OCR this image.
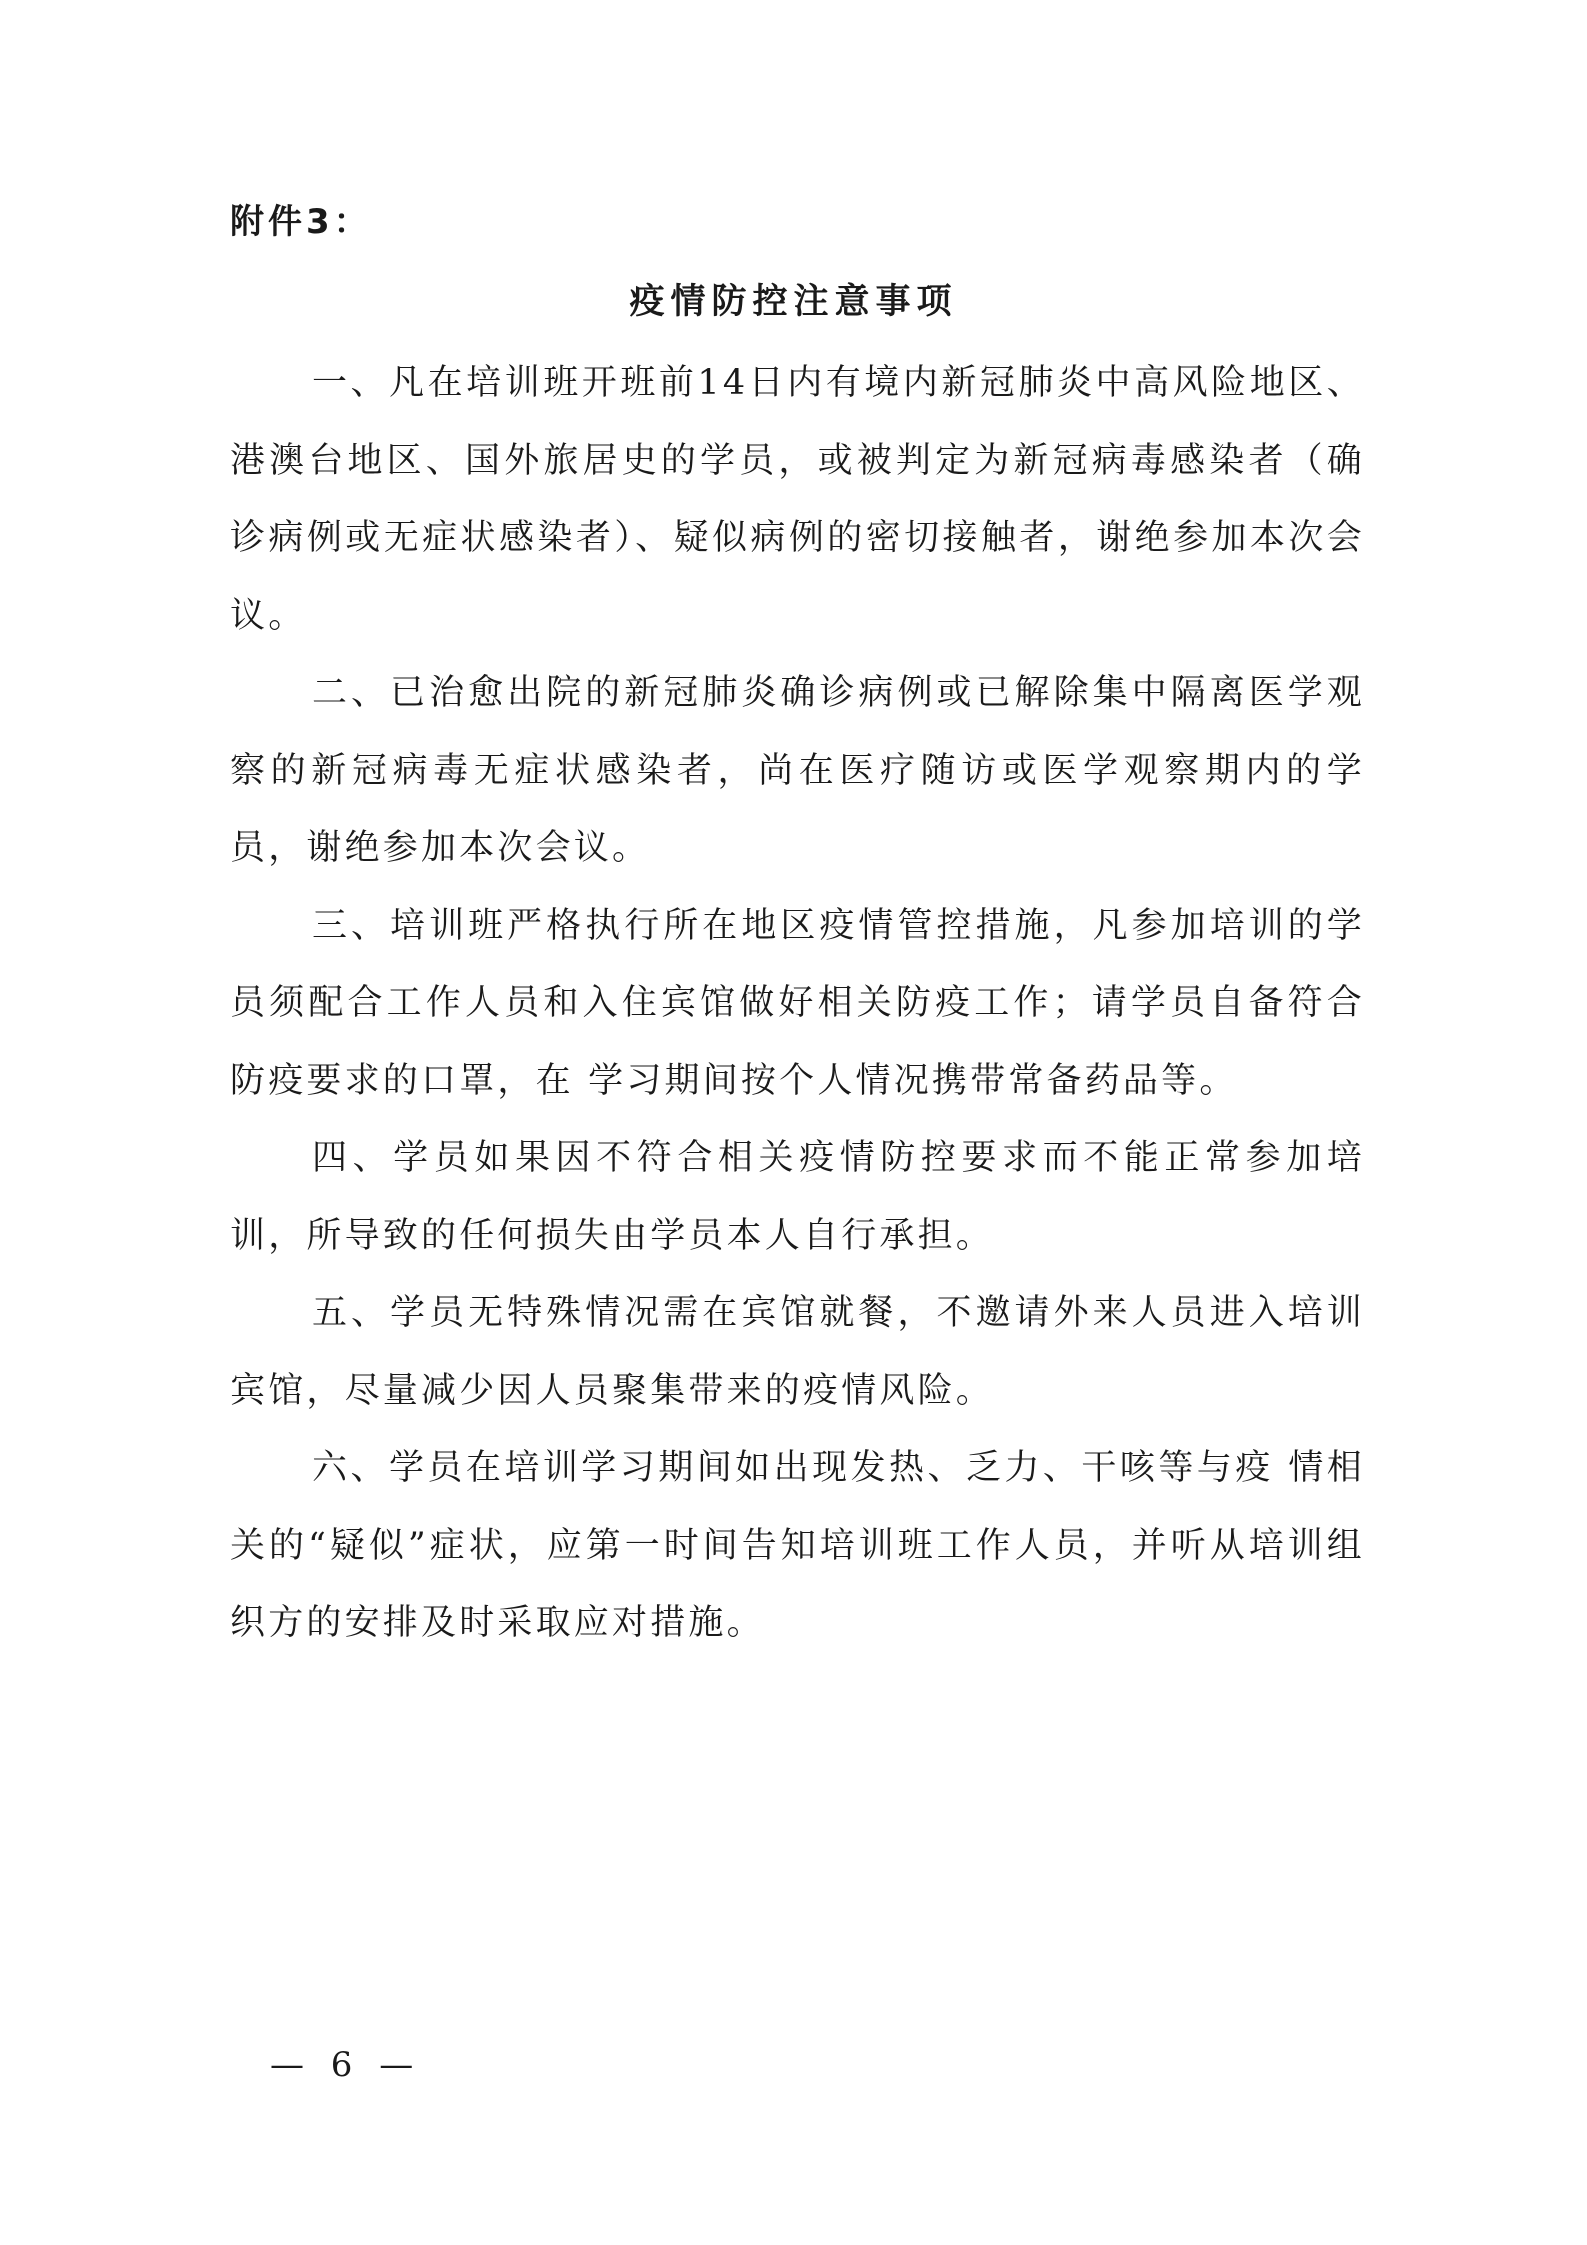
附件3：
疫情防控注意事项

一、凡在培训班开班前14日内有境内新冠肺炎中高风险地区、港澳台地区、国外旅居史的学员，或被判定为新冠病毒感染者（确诊病例或无症状感染者）、疑似病例的密切接触者，谢绝参加本次会议。

二、已治愈出院的新冠肺炎确诊病例或已解除集中隔离医学观察的新冠病毒无症状感染者，尚在医疗随访或医学观察期内的学员，谢绝参加本次会议。

三、培训班严格执行所在地区疫情管控措施，凡参加培训的学员须配合工作人员和入住宾馆做好相关防疫工作；请学员自备符合防疫要求的口罩，在 学习期间按个人情况携带常备药品等。

四、学员如果因不符合相关疫情防控要求而不能正常参加培训，所导致的任何损失由学员本人自行承担。

五、学员无特殊情况需在宾馆就餐，不邀请外来人员进入培训宾馆，尽量减少因人员聚集带来的疫情风险。

六、学员在培训学习期间如出现发热、乏力、干咳等与疫 情相关的“疑似”症状，应第一时间告知培训班工作人员，并听从培训组织方的安排及时采取应对措施。

— 6 —
